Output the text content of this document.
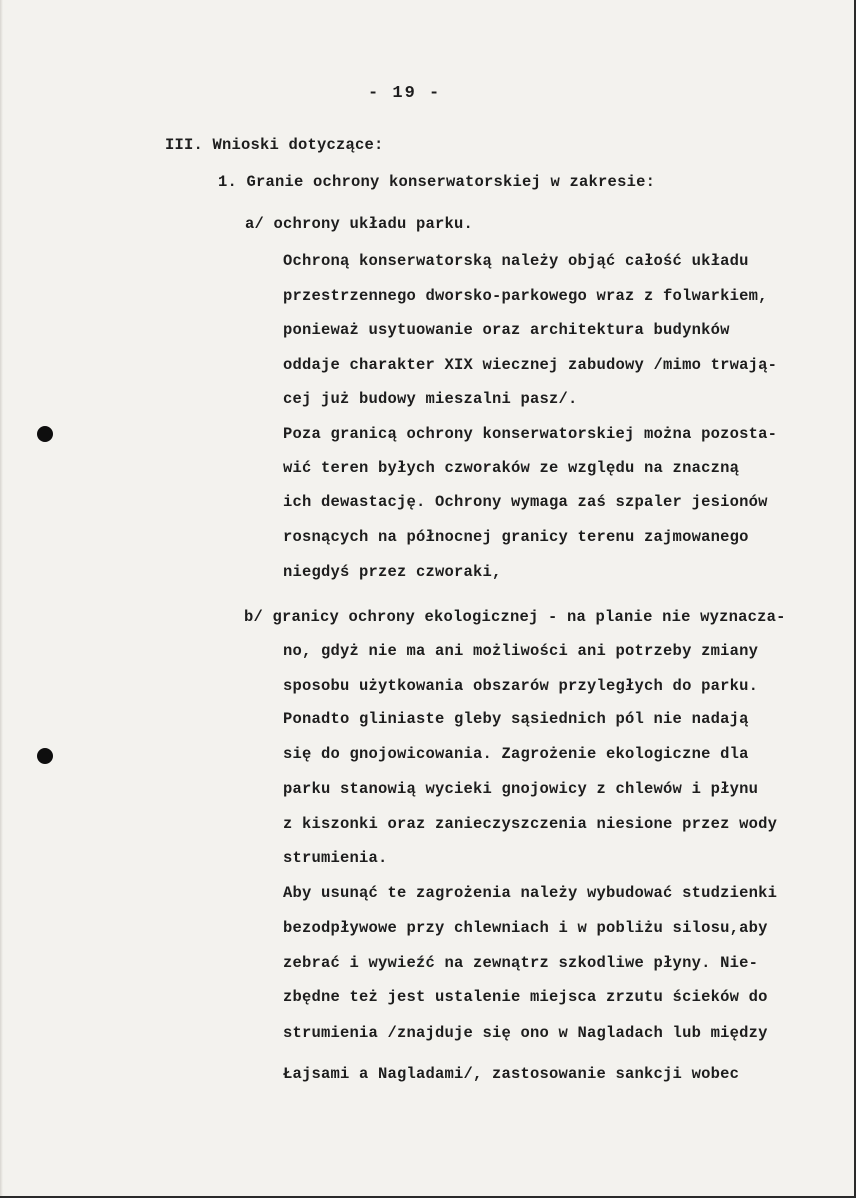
- 19 -
III. Wnioski dotyczące:
1. Granie ochrony konserwatorskiej w zakresie:
a/ ochrony układu parku.
Ochroną konserwatorską należy objąć całość układu
przestrzennego dworsko-parkowego wraz z folwarkiem,
ponieważ usytuowanie oraz architektura budynków
oddaje charakter XIX wiecznej zabudowy /mimo trwają-
cej już budowy mieszalni pasz/.
Poza granicą ochrony konserwatorskiej można pozosta-
wić teren byłych czworaków ze względu na znaczną
ich dewastację. Ochrony wymaga zaś szpaler jesionów
rosnących na północnej granicy terenu zajmowanego
niegdyś przez czworaki,
b/ granicy ochrony ekologicznej - na planie nie wyznacza-
no, gdyż nie ma ani możliwości ani potrzeby zmiany
sposobu użytkowania obszarów przyległych do parku.
Ponadto gliniaste gleby sąsiednich pól nie nadają
się do gnojowicowania. Zagrożenie ekologiczne dla
parku stanowią wycieki gnojowicy z chlewów i płynu
z kiszonki oraz zanieczyszczenia niesione przez wody
strumienia.
Aby usunąć te zagrożenia należy wybudować studzienki
bezodpływowe przy chlewniach i w pobliżu silosu,aby
zebrać i wywieźć na zewnątrz szkodliwe płyny. Nie-
zbędne też jest ustalenie miejsca zrzutu ścieków do
strumienia /znajduje się ono w Nagladach lub między
Łajsami a Nagladami/, zastosowanie sankcji wobec
